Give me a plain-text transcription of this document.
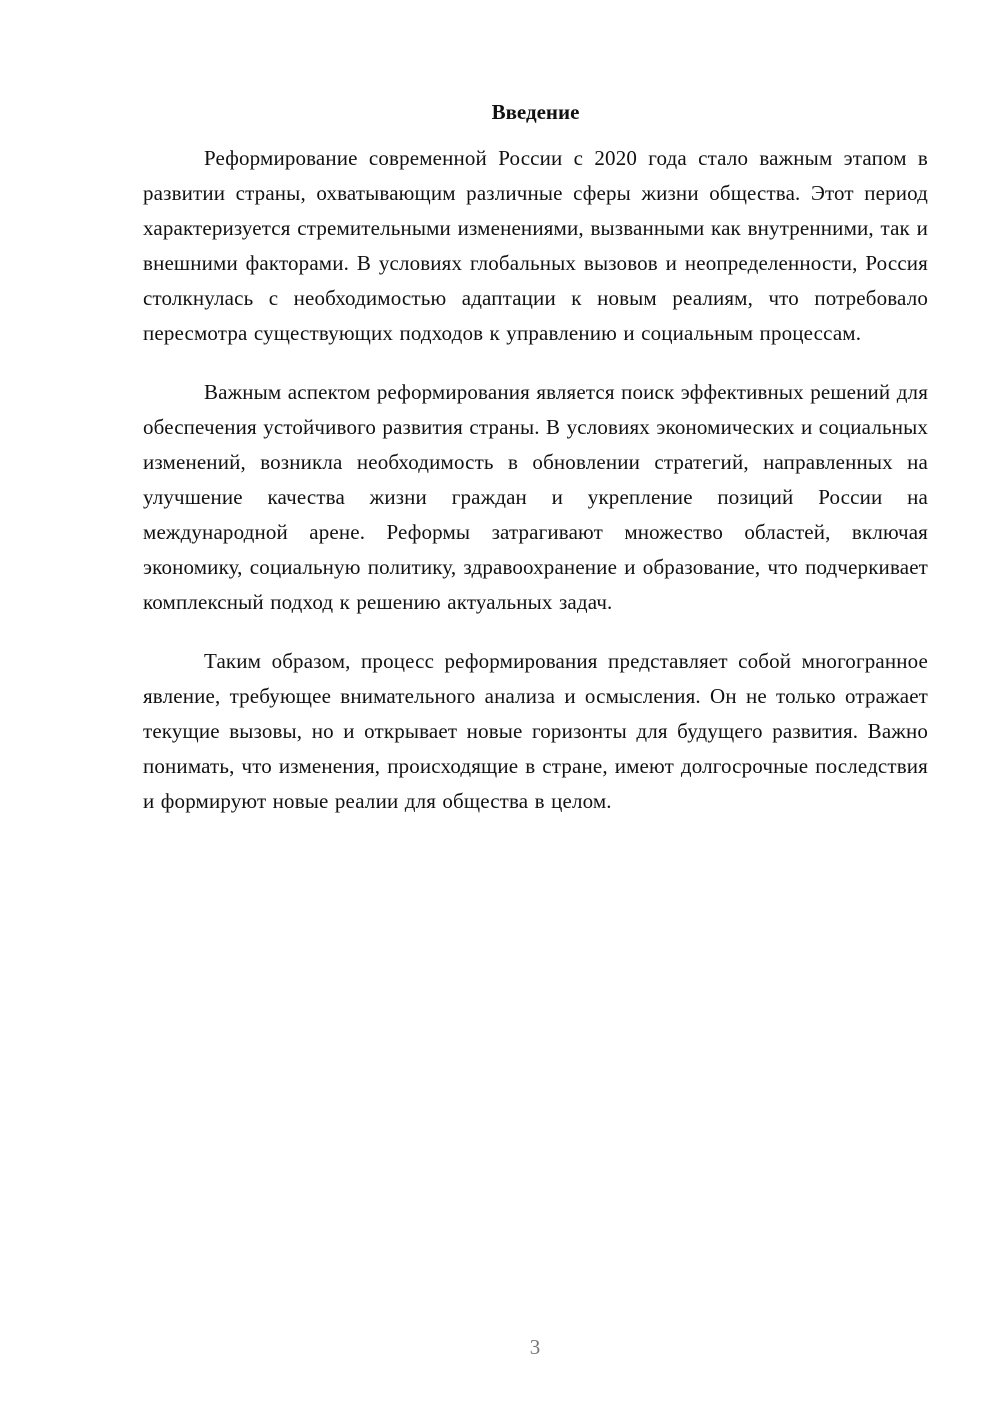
Введение

Реформирование современной России с 2020 года стало важным этапом в развитии страны, охватывающим различные сферы жизни общества. Этот период характеризуется стремительными изменениями, вызванными как внутренними, так и внешними факторами. В условиях глобальных вызовов и неопределенности, Россия столкнулась с необходимостью адаптации к новым реалиям, что потребовало пересмотра существующих подходов к управлению и социальным процессам.

Важным аспектом реформирования является поиск эффективных решений для обеспечения устойчивого развития страны. В условиях экономических и социальных изменений, возникла необходимость в обновлении стратегий, направленных на улучшение качества жизни граждан и укрепление позиций России на международной арене. Реформы затрагивают множество областей, включая экономику, социальную политику, здравоохранение и образование, что подчеркивает комплексный подход к решению актуальных задач.

Таким образом, процесс реформирования представляет собой многогранное явление, требующее внимательного анализа и осмысления. Он не только отражает текущие вызовы, но и открывает новые горизонты для будущего развития. Важно понимать, что изменения, происходящие в стране, имеют долгосрочные последствия и формируют новые реалии для общества в целом.

3
